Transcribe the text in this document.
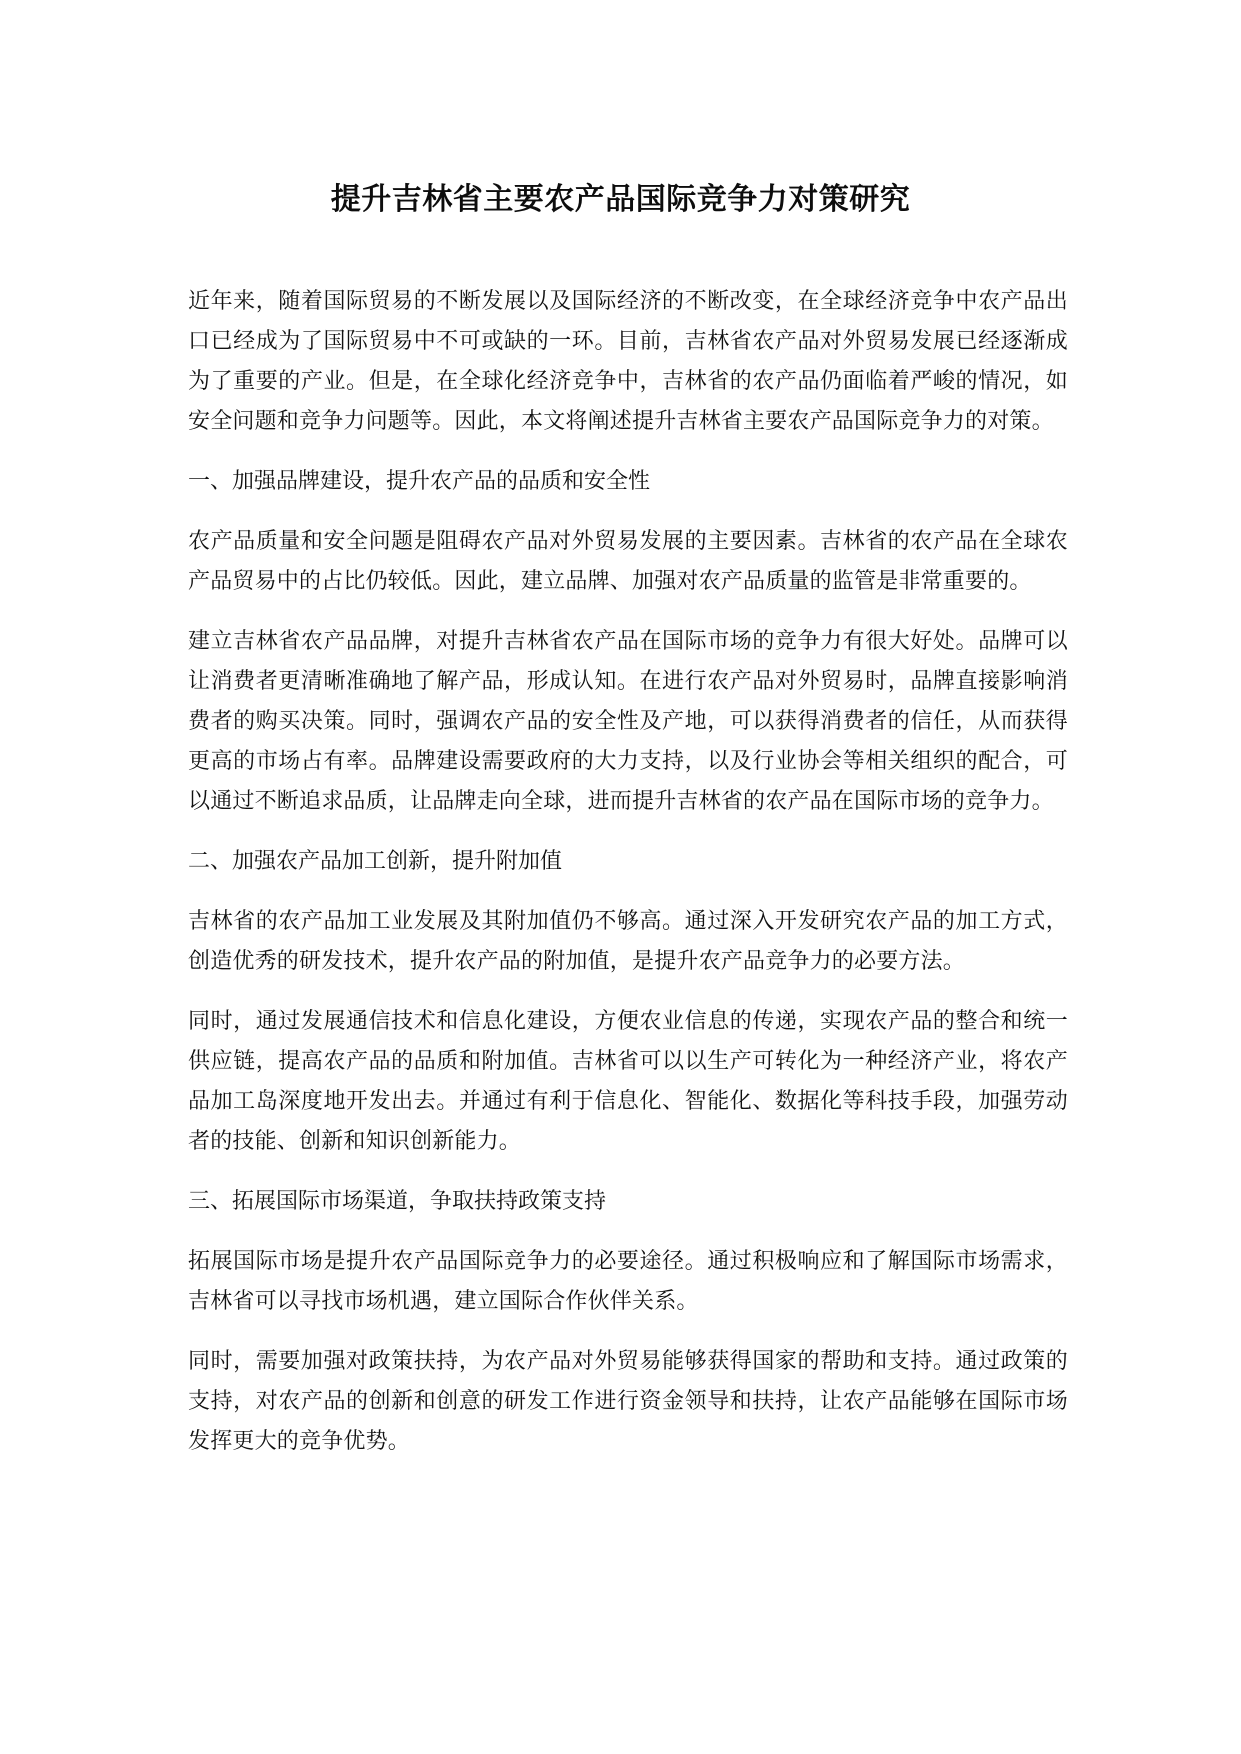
提升吉林省主要农产品国际竞争力对策研究

近年来，随着国际贸易的不断发展以及国际经济的不断改变，在全球经济竞争中农产品出口已经成为了国际贸易中不可或缺的一环。目前，吉林省农产品对外贸易发展已经逐渐成为了重要的产业。但是，在全球化经济竞争中，吉林省的农产品仍面临着严峻的情况，如安全问题和竞争力问题等。因此，本文将阐述提升吉林省主要农产品国际竞争力的对策。

一、加强品牌建设，提升农产品的品质和安全性

农产品质量和安全问题是阻碍农产品对外贸易发展的主要因素。吉林省的农产品在全球农产品贸易中的占比仍较低。因此，建立品牌、加强对农产品质量的监管是非常重要的。

建立吉林省农产品品牌，对提升吉林省农产品在国际市场的竞争力有很大好处。品牌可以让消费者更清晰准确地了解产品，形成认知。在进行农产品对外贸易时，品牌直接影响消费者的购买决策。同时，强调农产品的安全性及产地，可以获得消费者的信任，从而获得更高的市场占有率。品牌建设需要政府的大力支持，以及行业协会等相关组织的配合，可以通过不断追求品质，让品牌走向全球，进而提升吉林省的农产品在国际市场的竞争力。

二、加强农产品加工创新，提升附加值

吉林省的农产品加工业发展及其附加值仍不够高。通过深入开发研究农产品的加工方式，创造优秀的研发技术，提升农产品的附加值，是提升农产品竞争力的必要方法。

同时，通过发展通信技术和信息化建设，方便农业信息的传递，实现农产品的整合和统一供应链，提高农产品的品质和附加值。吉林省可以以生产可转化为一种经济产业，将农产品加工岛深度地开发出去。并通过有利于信息化、智能化、数据化等科技手段，加强劳动者的技能、创新和知识创新能力。

三、拓展国际市场渠道，争取扶持政策支持

拓展国际市场是提升农产品国际竞争力的必要途径。通过积极响应和了解国际市场需求，吉林省可以寻找市场机遇，建立国际合作伙伴关系。

同时，需要加强对政策扶持，为农产品对外贸易能够获得国家的帮助和支持。通过政策的支持，对农产品的创新和创意的研发工作进行资金领导和扶持，让农产品能够在国际市场发挥更大的竞争优势。
